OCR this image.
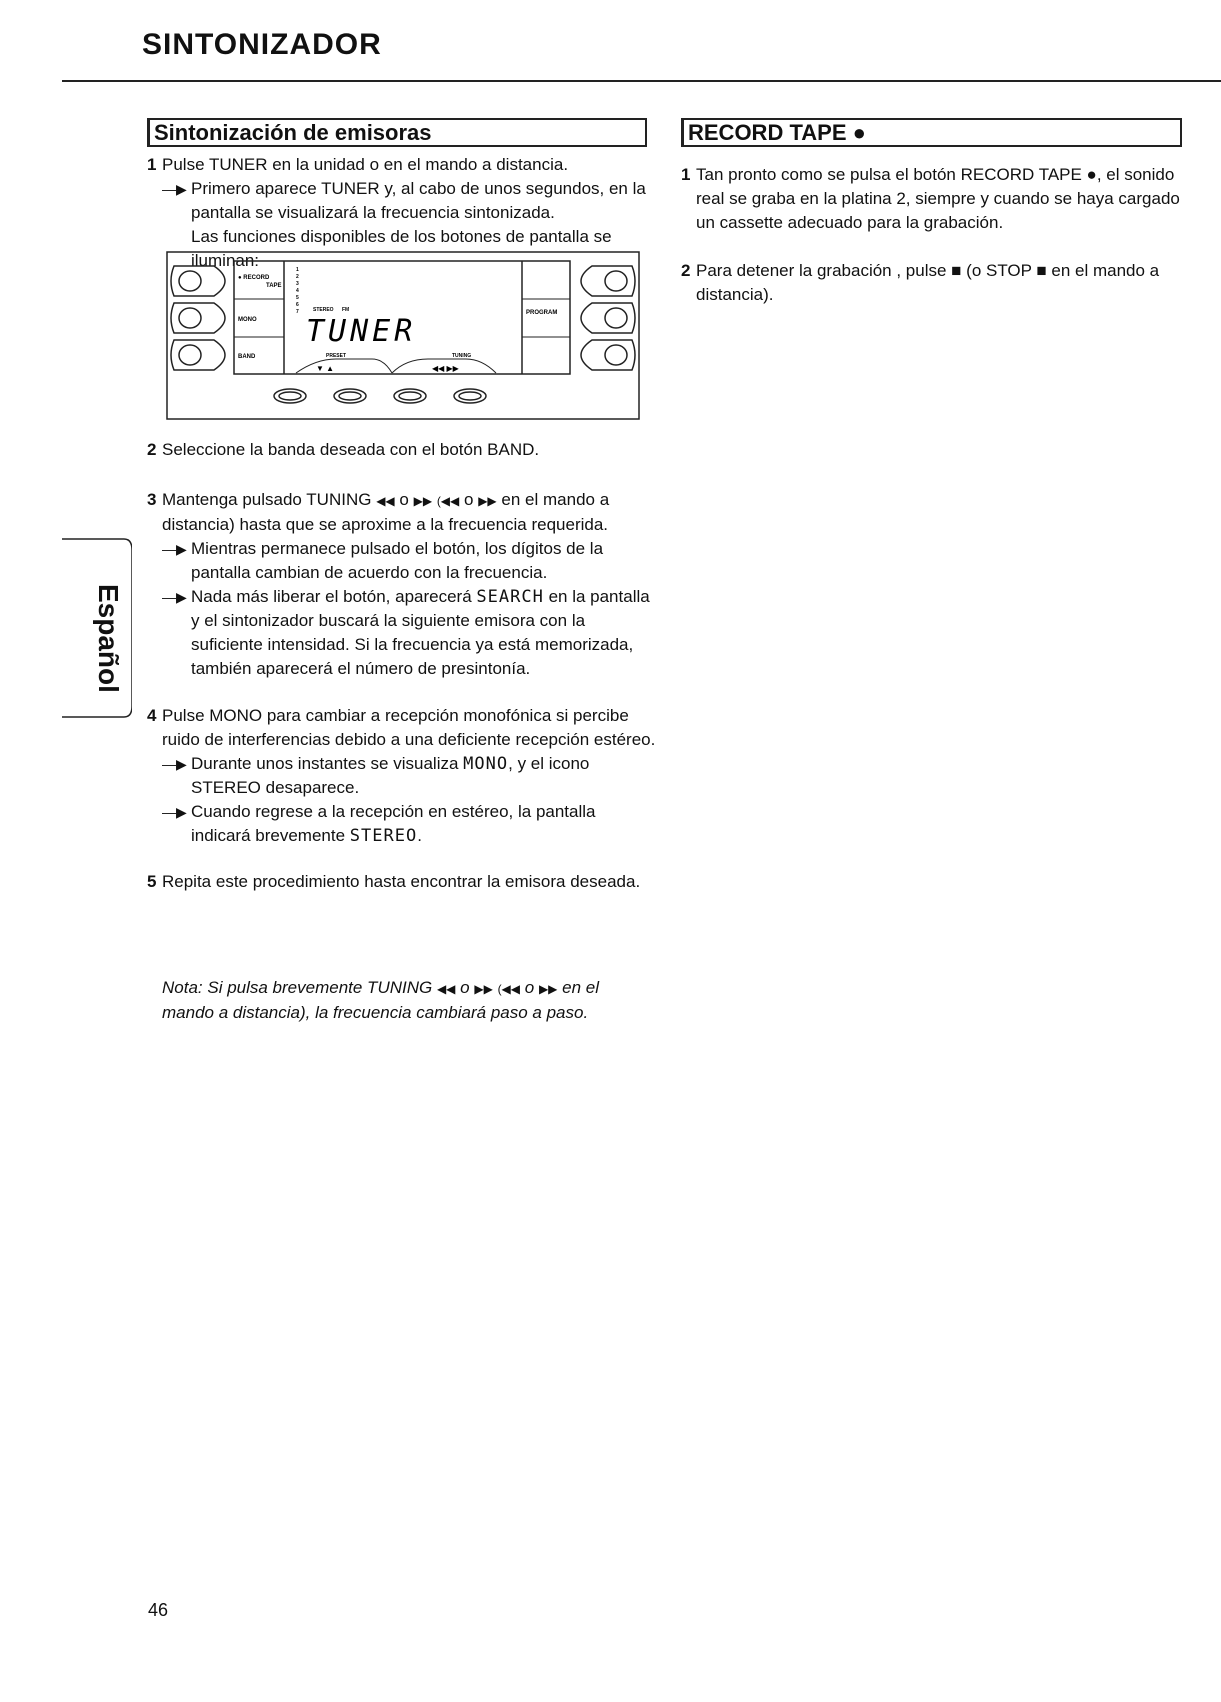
SINTONIZADOR
Español
Sintonización de emisoras
1 Pulse TUNER en la unidad o en el mando a distancia.
—▶ Primero aparece TUNER y, al cabo de unos segundos, en la pantalla se visualizará la frecuencia sintonizada.
Las funciones disponibles de los botones de pantalla se iluminan:
● RECORD
TAPE
MONO
BAND
PROGRAM
1
2
3
4
5
6
7	STEREO FM
TUNER
PRESET	TUNING
▼ ▲	◀◀ ▶▶
2 Seleccione la banda deseada con el botón BAND.
3 Mantenga pulsado TUNING ◀◀ o ▶▶ (◀◀ o ▶▶ en el mando a distancia) hasta que se aproxime a la frecuencia requerida.
—▶ Mientras permanece pulsado el botón, los dígitos de la pantalla cambian de acuerdo con la frecuencia.
—▶ Nada más liberar el botón, aparecerá SEARCH en la pantalla y el sintonizador buscará la siguiente emisora con la suficiente intensidad. Si la frecuencia ya está memorizada, también aparecerá el número de presintonía.
4 Pulse MONO para cambiar a recepción monofónica si percibe ruido de interferencias debido a una deficiente recepción estéreo.
—▶ Durante unos instantes se visualiza MONO, y el icono STEREO desaparece.
—▶ Cuando regrese a la recepción en estéreo, la pantalla indicará brevemente STEREO.
5 Repita este procedimiento hasta encontrar la emisora deseada.
Nota: Si pulsa brevemente TUNING ◀◀ o ▶▶ (◀◀ o ▶▶ en el mando a distancia), la frecuencia cambiará paso a paso.
RECORD TAPE ●
1 Tan pronto como se pulsa el botón RECORD TAPE ●, el sonido real se graba en la platina 2, siempre y cuando se haya cargado un cassette adecuado para la grabación.
2 Para detener la grabación , pulse ■ (o STOP ■ en el mando a distancia).
46
